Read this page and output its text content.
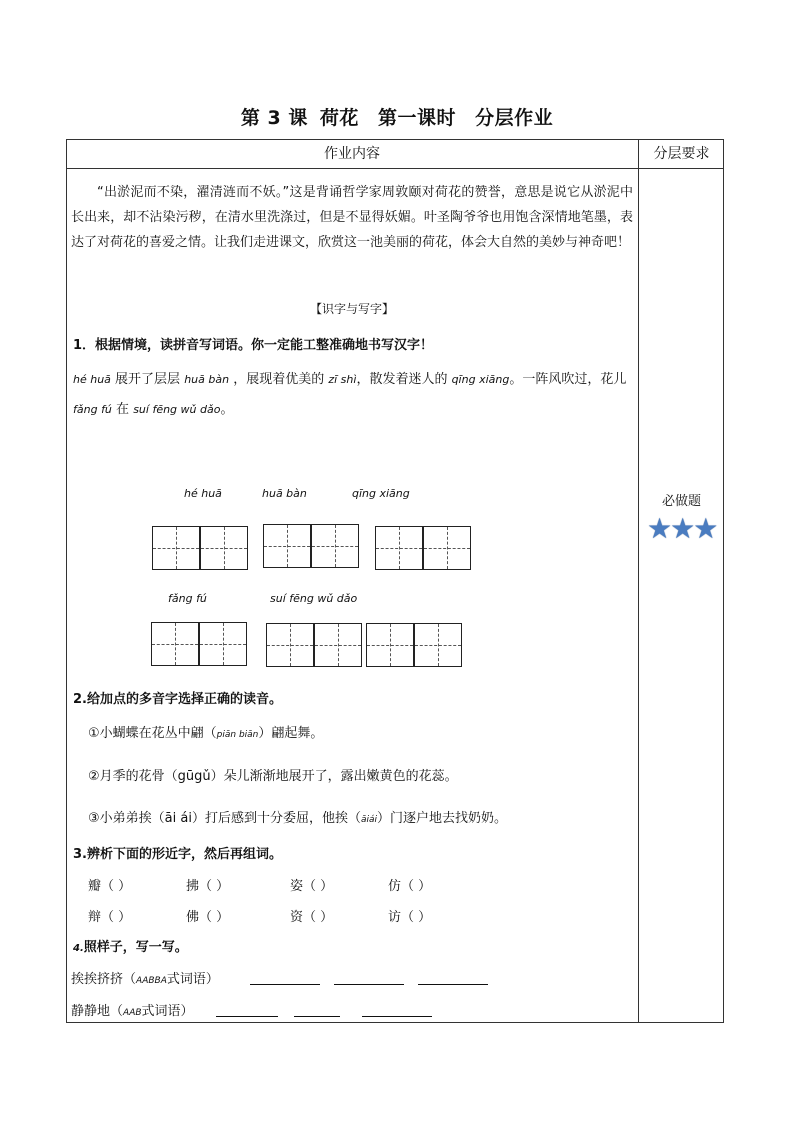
第 3 课 荷花 第一课时 分层作业
作业内容	分层要求
“出淤泥而不染，濯清涟而不妖。”这是背诵哲学家周敦颐对荷花的赞誉，意思是说它从淤泥中长出来，却不沾染污秽，在清水里洗涤过，但是不显得妖媚。叶圣陶爷爷也用饱含深情地笔墨，表达了对荷花的喜爱之情。让我们走进课文，欣赏这一池美丽的荷花，体会大自然的美妙与神奇吧！
【识字与写字】
1．根据情境，读拼音写词语。你一定能工整准确地书写汉字！
hé huā 展开了层层 huā bàn ，展现着优美的 zī shì，散发着迷人的 qīng xiāng。一阵风吹过，花儿 fǎng fú 在 suí fēng wǔ dǎo。
hé huā	huā bàn	qīng xiāng
fǎng fú	suí fēng wǔ dǎo
2.给加点的多音字选择正确的读音。
①小蝴蝶在花丛中翩（piān biān）翩起舞。
②月季的花骨（gūgǔ）朵儿渐渐地展开了，露出嫩黄色的花蕊。
③小弟弟挨（āi ái）打后感到十分委屈，他挨（āiái）门逐户地去找奶奶。
3.辨析下面的形近字，然后再组词。
瓣（ ）	拂（ ）	姿（ ）	仿（ ）
辩（ ）	佛（ ）	资（ ）	访（ ）
4.照样子，写一写。
挨挨挤挤（AABBA式词语）
静静地（AAB式词语）
必做题
★★★
